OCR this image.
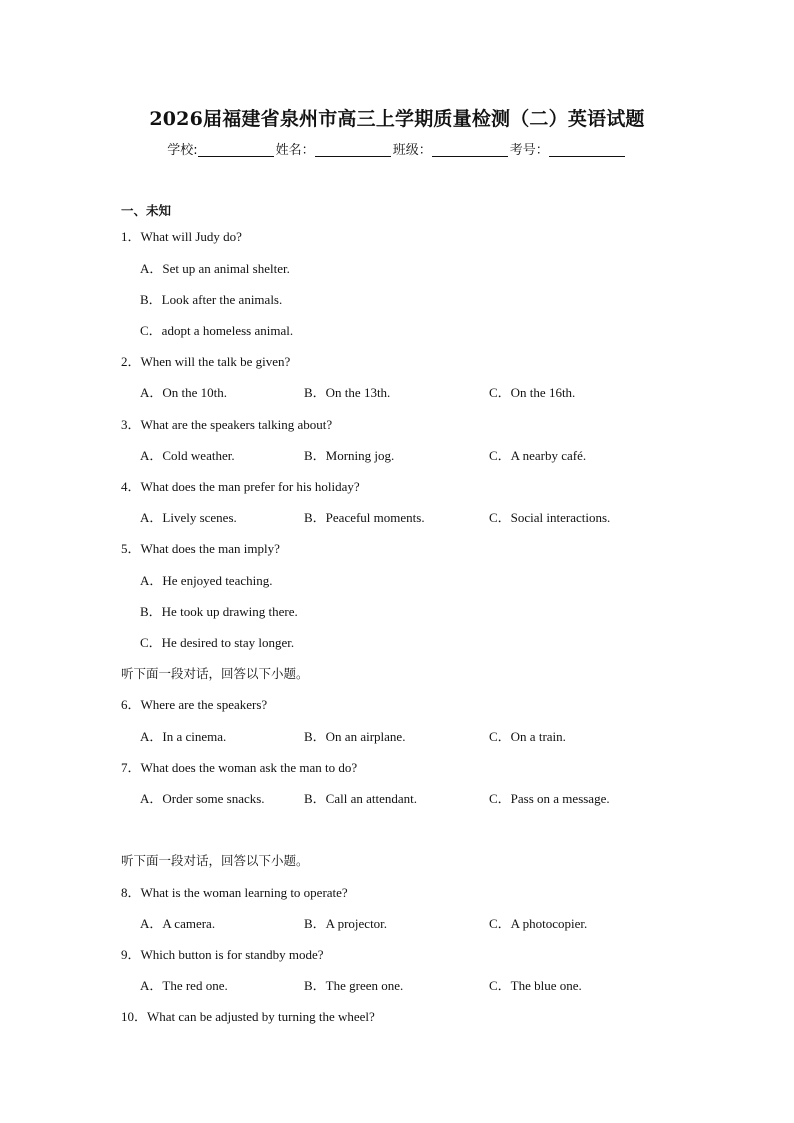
2026届福建省泉州市高三上学期质量检测（二）英语试题
学校:	姓名：	班级：	考号：
一、未知
1．What will Judy do?
A．Set up an animal shelter.
B．Look after the animals.
C．adopt a homeless animal.
2．When will the talk be given?
A．On the 10th.	B．On the 13th.	C．On the 16th.
3．What are the speakers talking about?
A．Cold weather.	B．Morning jog.	C．A nearby café.
4．What does the man prefer for his holiday?
A．Lively scenes.	B．Peaceful moments.	C．Social interactions.
5．What does the man imply?
A．He enjoyed teaching.
B．He took up drawing there.
C．He desired to stay longer.
听下面一段对话，回答以下小题。
6．Where are the speakers?
A．In a cinema.	B．On an airplane.	C．On a train.
7．What does the woman ask the man to do?
A．Order some snacks.	B．Call an attendant.	C．Pass on a message.
听下面一段对话，回答以下小题。
8．What is the woman learning to operate?
A．A camera.	B．A projector.	C．A photocopier.
9．Which button is for standby mode?
A．The red one.	B．The green one.	C．The blue one.
10．What can be adjusted by turning the wheel?
